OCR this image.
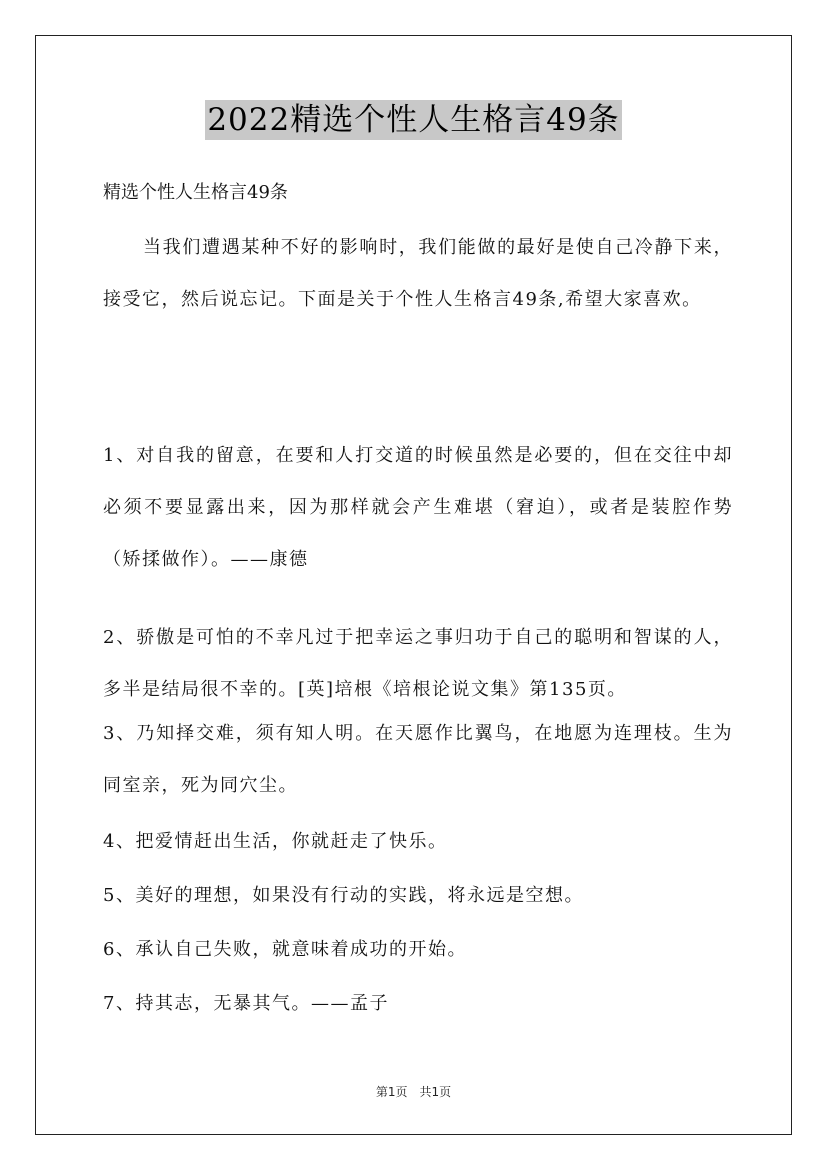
2022精选个性人生格言49条
精选个性人生格言49条
当我们遭遇某种不好的影响时，我们能做的最好是使自己冷静下来，接受它，然后说忘记。下面是关于个性人生格言49条,希望大家喜欢。
1、对自我的留意，在要和人打交道的时候虽然是必要的，但在交往中却必须不要显露出来，因为那样就会产生难堪（窘迫），或者是装腔作势（矫揉做作）。——康德
2、骄傲是可怕的不幸凡过于把幸运之事归功于自己的聪明和智谋的人，多半是结局很不幸的。[英]培根《培根论说文集》第135页。
3、乃知择交难，须有知人明。在天愿作比翼鸟，在地愿为连理枝。生为同室亲，死为同穴尘。
4、把爱情赶出生活，你就赶走了快乐。
5、美好的理想，如果没有行动的实践，将永远是空想。
6、承认自己失败，就意味着成功的开始。
7、持其志，无暴其气。——孟子
第1页　共1页
